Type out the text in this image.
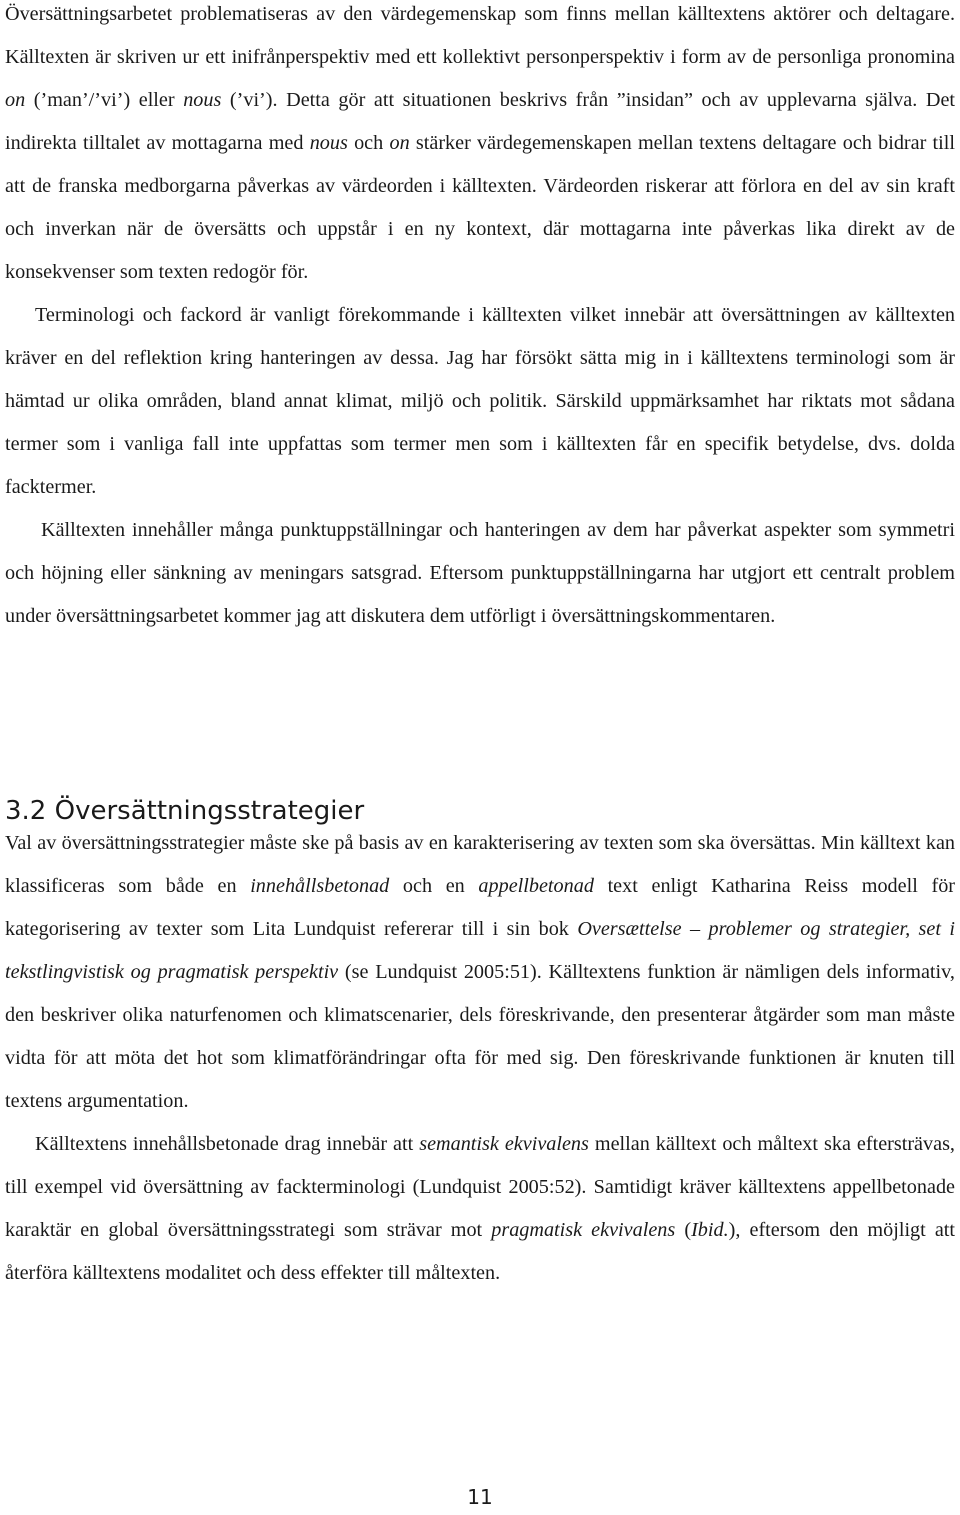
Översättningsarbetet problematiseras av den värdegemenskap som finns mellan källtextens aktörer och deltagare. Källtexten är skriven ur ett inifrånperspektiv med ett kollektivt personperspektiv i form av de personliga pronomina on (’man’/’vi’) eller nous (’vi’). Detta gör att situationen beskrivs från ”insidan” och av upplevarna själva. Det indirekta tilltalet av mottagarna med nous och on stärker värdegemenskapen mellan textens deltagare och bidrar till att de franska medborgarna påverkas av värdeorden i källtexten. Värdeorden riskerar att förlora en del av sin kraft och inverkan när de översätts och uppstår i en ny kontext, där mottagarna inte påverkas lika direkt av de konsekvenser som texten redogör för.

Terminologi och fackord är vanligt förekommande i källtexten vilket innebär att översättningen av källtexten kräver en del reflektion kring hanteringen av dessa. Jag har försökt sätta mig in i källtextens terminologi som är hämtad ur olika områden, bland annat klimat, miljö och politik. Särskild uppmärksamhet har riktats mot sådana termer som i vanliga fall inte uppfattas som termer men som i källtexten får en specifik betydelse, dvs. dolda facktermer.

Källtexten innehåller många punktuppställningar och hanteringen av dem har påverkat aspekter som symmetri och höjning eller sänkning av meningars satsgrad. Eftersom punktuppställningarna har utgjort ett centralt problem under översättningsarbetet kommer jag att diskutera dem utförligt i översättningskommentaren.

3.2 Översättningsstrategier

Val av översättningsstrategier måste ske på basis av en karakterisering av texten som ska översättas. Min källtext kan klassificeras som både en innehållsbetonad och en appellbetonad text enligt Katharina Reiss modell för kategorisering av texter som Lita Lundquist refererar till i sin bok Oversættelse – problemer og strategier, set i tekstlingvistisk og pragmatisk perspektiv (se Lundquist 2005:51). Källtextens funktion är nämligen dels informativ, den beskriver olika naturfenomen och klimatscenarier, dels föreskrivande, den presenterar åtgärder som man måste vidta för att möta det hot som klimatförändringar ofta för med sig. Den föreskrivande funktionen är knuten till textens argumentation.

Källtextens innehållsbetonade drag innebär att semantisk ekvivalens mellan källtext och måltext ska eftersträvas, till exempel vid översättning av fackterminologi (Lundquist 2005:52). Samtidigt kräver källtextens appellbetonade karaktär en global översättningsstrategi som strävar mot pragmatisk ekvivalens (Ibid.), eftersom den möjligt att återföra källtextens modalitet och dess effekter till måltexten.

11
